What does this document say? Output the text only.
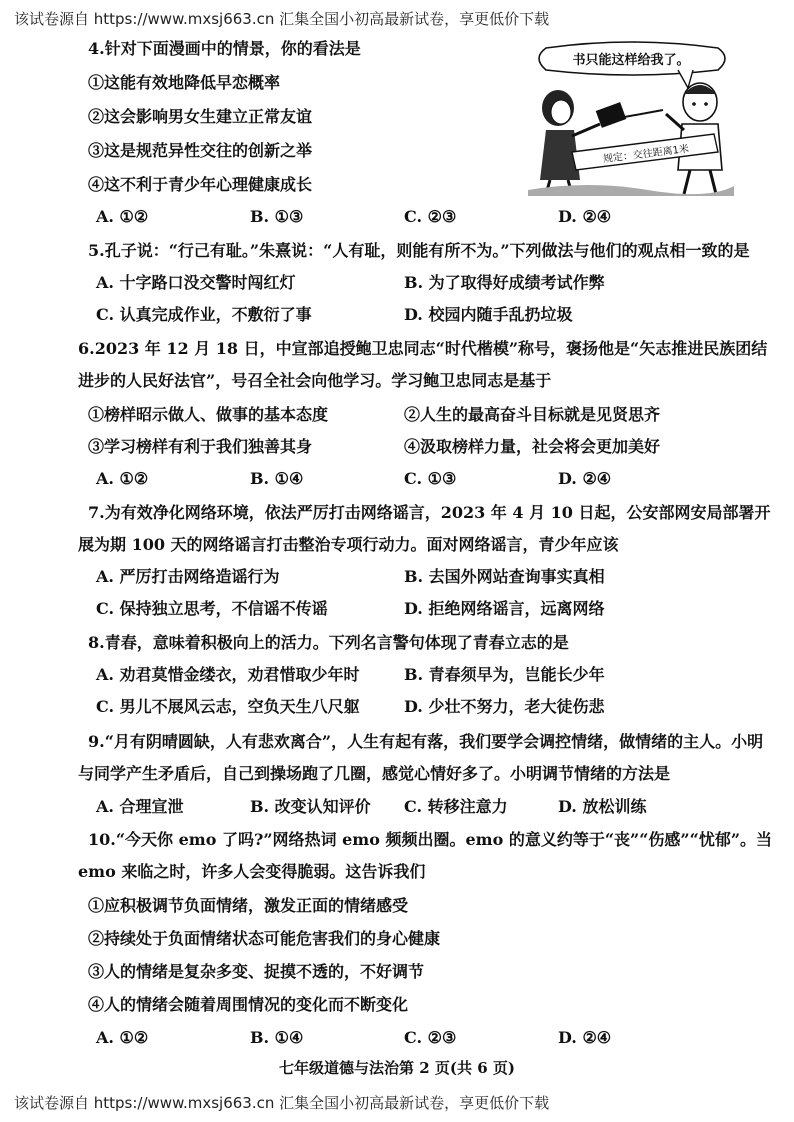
该试卷源自 https://www.mxsj663.cn 汇集全国小初高最新试卷，享更低价下载
书只能这样给我了。
规定：交往距离1米
4.针对下面漫画中的情景，你的看法是
①这能有效地降低早恋概率
②这会影响男女生建立正常友谊
③这是规范异性交往的创新之举
④这不利于青少年心理健康成长
A. ①②	B. ①③	C. ②③	D. ②④
5.孔子说：“行己有耻。”朱熹说：“人有耻，则能有所不为。”下列做法与他们的观点相一致的是
A. 十字路口没交警时闯红灯	B. 为了取得好成绩考试作弊
C. 认真完成作业，不敷衍了事	D. 校园内随手乱扔垃圾
6.2023 年 12 月 18 日，中宣部追授鲍卫忠同志“时代楷模”称号，褒扬他是“矢志推进民族团结
进步的人民好法官”，号召全社会向他学习。学习鲍卫忠同志是基于
①榜样昭示做人、做事的基本态度	②人生的最高奋斗目标就是见贤思齐
③学习榜样有利于我们独善其身	④汲取榜样力量，社会将会更加美好
A. ①②	B. ①④	C. ①③	D. ②④
7.为有效净化网络环境，依法严厉打击网络谣言，2023 年 4 月 10 日起，公安部网安局部署开
展为期 100 天的网络谣言打击整治专项行动力。面对网络谣言，青少年应该
A. 严厉打击网络造谣行为	B. 去国外网站查询事实真相
C. 保持独立思考，不信谣不传谣	D. 拒绝网络谣言，远离网络
8.青春，意味着积极向上的活力。下列名言警句体现了青春立志的是
A. 劝君莫惜金缕衣，劝君惜取少年时	B. 青春须早为，岂能长少年
C. 男儿不展风云志，空负天生八尺躯	D. 少壮不努力，老大徒伤悲
9.“月有阴晴圆缺，人有悲欢离合”，人生有起有落，我们要学会调控情绪，做情绪的主人。小明
与同学产生矛盾后，自己到操场跑了几圈，感觉心情好多了。小明调节情绪的方法是
A. 合理宣泄	B. 改变认知评价 C. 转移注意力	D. 放松训练
10.“今天你 emo 了吗?”网络热词 emo 频频出圈。emo 的意义约等于“丧”“伤感”“忧郁”。当
emo 来临之时，许多人会变得脆弱。这告诉我们
①应积极调节负面情绪，激发正面的情绪感受
②持续处于负面情绪状态可能危害我们的身心健康
③人的情绪是复杂多变、捉摸不透的，不好调节
④人的情绪会随着周围情况的变化而不断变化
A. ①②	B. ①④	C. ②③	D. ②④
七年级道德与法治第 2 页(共 6 页)
该试卷源自 https://www.mxsj663.cn 汇集全国小初高最新试卷，享更低价下载
